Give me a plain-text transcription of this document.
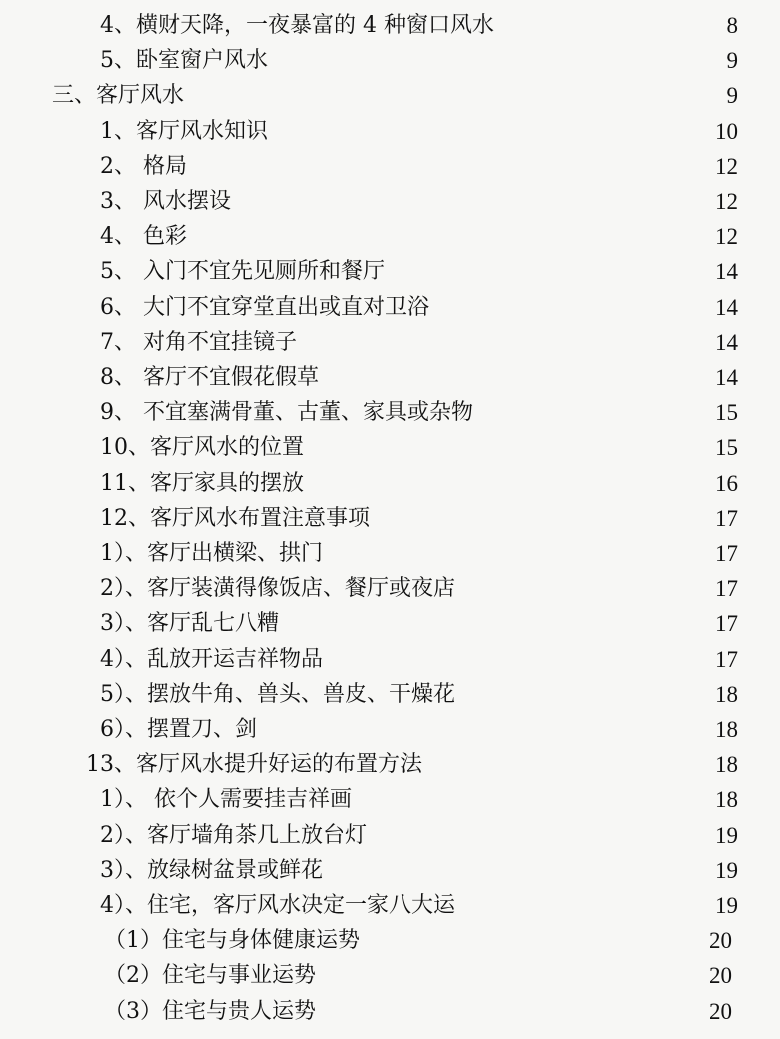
4、横财天降，一夜暴富的 4 种窗口风水	8
5、卧室窗户风水	9
三、客厅风水	9
1、客厅风水知识	10
2、 格局	12
3、 风水摆设	12
4、 色彩	12
5、 入门不宜先见厕所和餐厅	14
6、 大门不宜穿堂直出或直对卫浴	14
7、 对角不宜挂镜子	14
8、 客厅不宜假花假草	14
9、 不宜塞满骨董、古董、家具或杂物	15
10、客厅风水的位置	15
11、客厅家具的摆放	16
12、客厅风水布置注意事项	17
1）、客厅出横梁、拱门	17
2）、客厅装潢得像饭店、餐厅或夜店	17
3）、客厅乱七八糟	17
4）、乱放开运吉祥物品	17
5）、摆放牛角、兽头、兽皮、干燥花	18
6）、摆置刀、剑	18
13、客厅风水提升好运的布置方法	18
1）、 依个人需要挂吉祥画	18
2）、客厅墙角茶几上放台灯	19
3）、放绿树盆景或鲜花	19
4）、住宅，客厅风水决定一家八大运	19
（1）住宅与身体健康运势	20
（2）住宅与事业运势	20
（3）住宅与贵人运势	20
